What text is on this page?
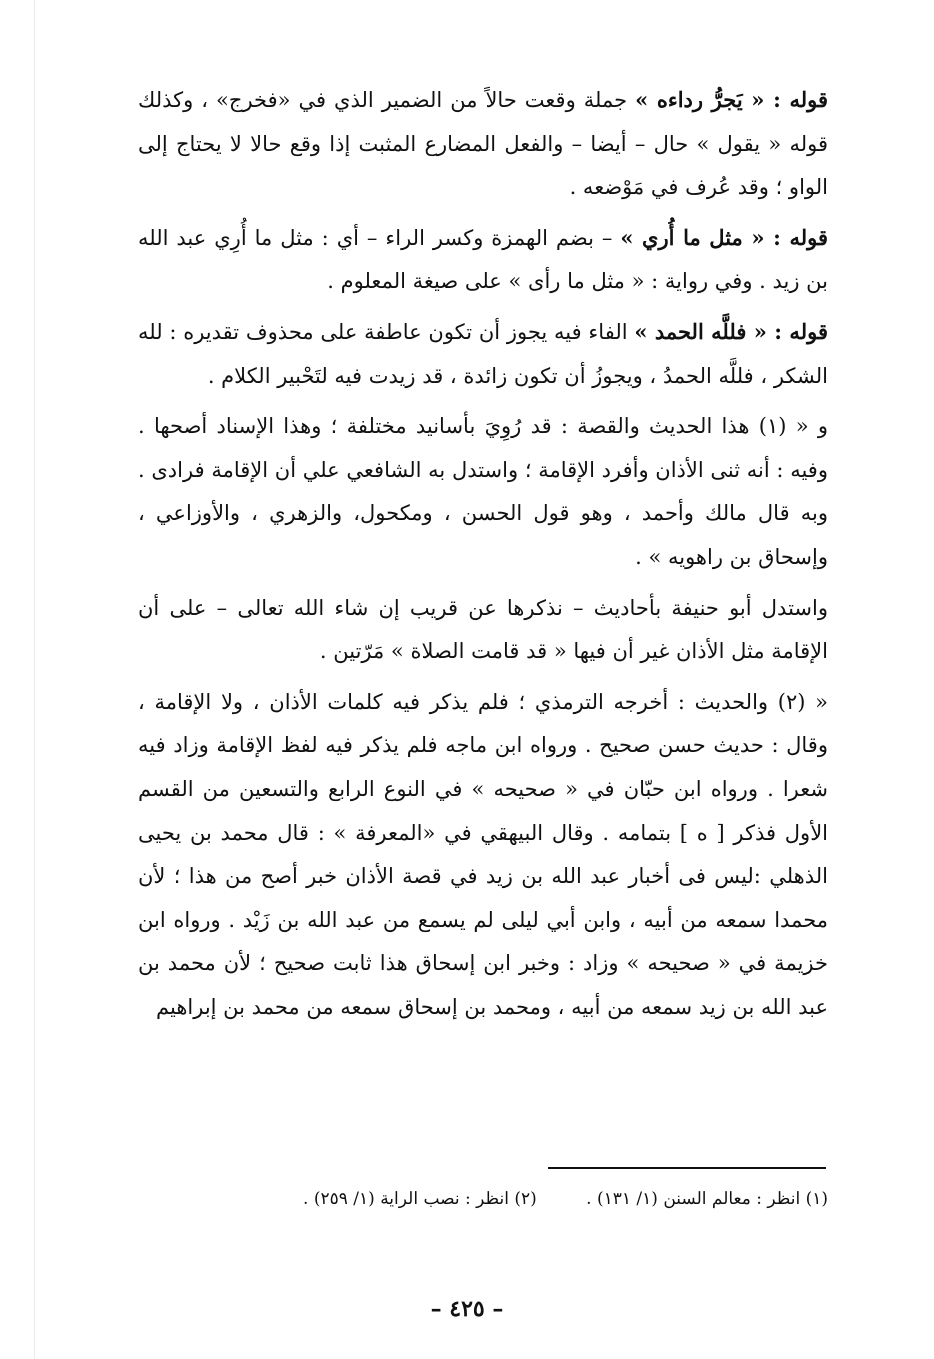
قوله : « يَجرُّ رداءه » جملة وقعت حالاً من الضمير الذي في «فخرج» ، وكذلك قوله « يقول » حال – أيضا – والفعل المضارع المثبت إذا وقع حالا لا يحتاج إلى الواو ؛ وقد عُرف في مَوْضعه .

قوله : « مثل ما أُري » – بضم الهمزة وكسر الراء – أي : مثل ما أُرِي عبد الله بن زيد . وفي رواية : « مثل ما رأى » على صيغة المعلوم .

قوله : « فللَّه الحمد » الفاء فيه يجوز أن تكون عاطفة على محذوف تقديره : لله الشكر ، فللَّه الحمدُ ، ويجوزُ أن تكون زائدة ، قد زيدت فيه لتَحْبير الكلام .

و « (١) هذا الحديث والقصة : قد رُوِيَ بأسانيد مختلفة ؛ وهذا الإسناد أصحها . وفيه : أنه ثنى الأذان وأفرد الإقامة ؛ واستدل به الشافعي علي أن الإقامة فرادى . وبه قال مالك وأحمد ، وهو قول الحسن ، ومكحول، والزهري ، والأوزاعي ، وإسحاق بن راهويه » .

واستدل أبو حنيفة بأحاديث – نذكرها عن قريب إن شاء الله تعالى – على أن الإقامة مثل الأذان غير أن فيها « قد قامت الصلاة » مَرّتين .

« (٢) والحديث : أخرجه الترمذي ؛ فلم يذكر فيه كلمات الأذان ، ولا الإقامة ، وقال : حديث حسن صحيح . ورواه ابن ماجه فلم يذكر فيه لفظ الإقامة وزاد فيه شعرا . ورواه ابن حبّان في « صحيحه » في النوع الرابع والتسعين من القسم الأول فذكر [ ه ] بتمامه . وقال البيهقي في «المعرفة » : قال محمد بن يحيى الذهلي :ليس فى أخبار عبد الله بن زيد في قصة الأذان خبر أصح من هذا ؛ لأن محمدا سمعه من أبيه ، وابن أبي ليلى لم يسمع من عبد الله بن زَيْد . ورواه ابن خزيمة في « صحيحه » وزاد : وخبر ابن إسحاق هذا ثابت صحيح ؛ لأن محمد بن عبد الله بن زيد سمعه من أبيه ، ومحمد بن إسحاق سمعه من محمد بن إبراهيم

(١) انظر : معالم السنن (١/ ١٣١) . (٢) انظر : نصب الراية (١/ ٢٥٩) .
– ٤٢٥ –
